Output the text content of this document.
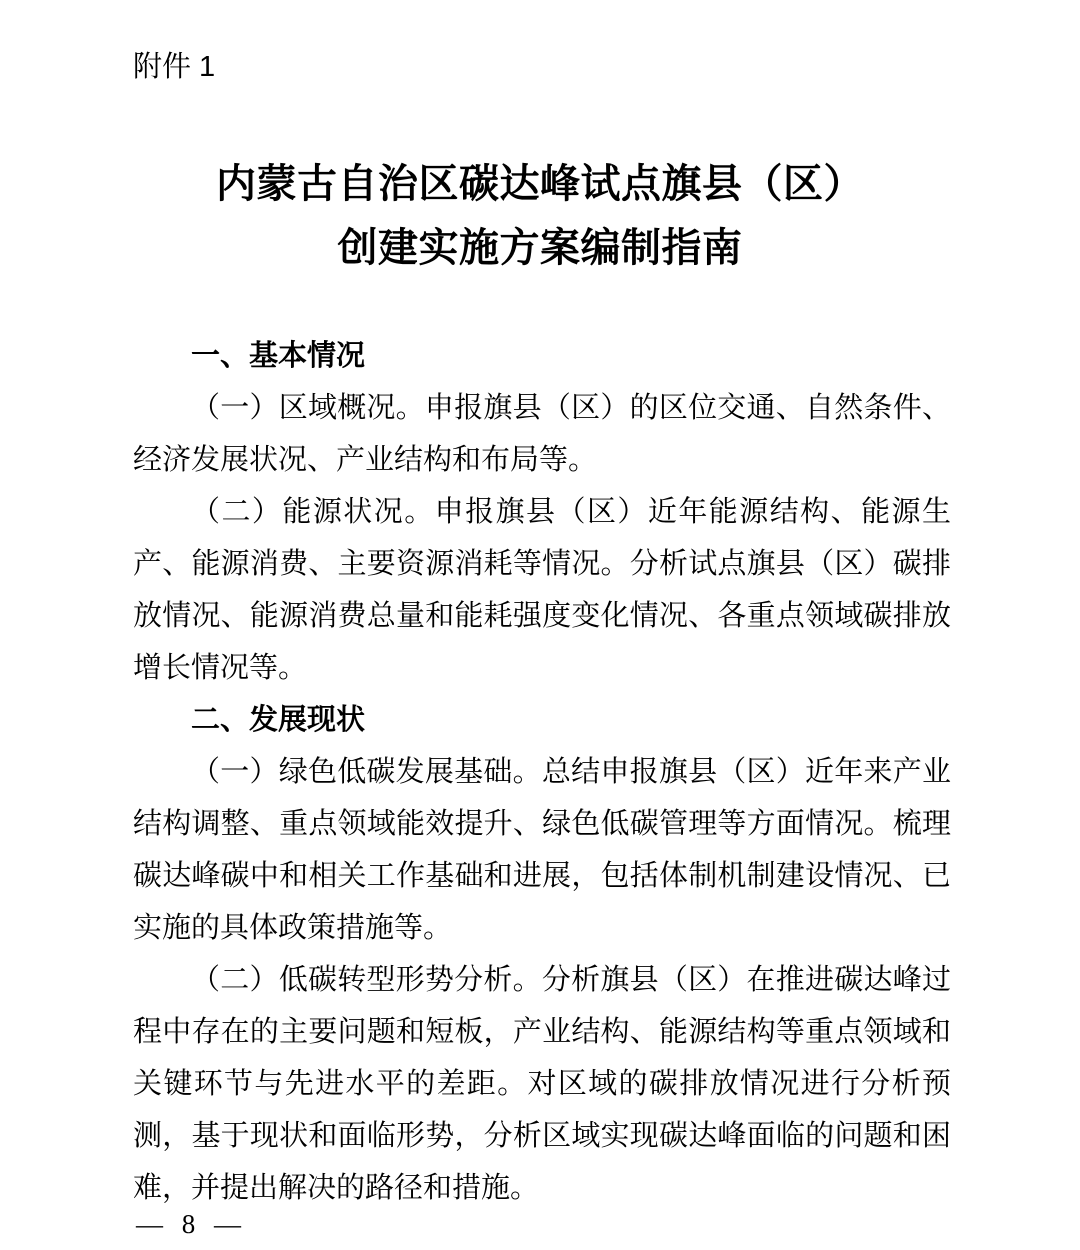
附件 1
内蒙古自治区碳达峰试点旗县（区）
创建实施方案编制指南

一、基本情况

（一）区域概况。申报旗县（区）的区位交通、自然条件、经济发展状况、产业结构和布局等。

（二）能源状况。申报旗县（区）近年能源结构、能源生产、能源消费、主要资源消耗等情况。分析试点旗县（区）碳排放情况、能源消费总量和能耗强度变化情况、各重点领域碳排放增长情况等。

二、发展现状

（一）绿色低碳发展基础。总结申报旗县（区）近年来产业结构调整、重点领域能效提升、绿色低碳管理等方面情况。梳理碳达峰碳中和相关工作基础和进展，包括体制机制建设情况、已实施的具体政策措施等。

（二）低碳转型形势分析。分析旗县（区）在推进碳达峰过程中存在的主要问题和短板，产业结构、能源结构等重点领域和关键环节与先进水平的差距。对区域的碳排放情况进行分析预测，基于现状和面临形势，分析区域实现碳达峰面临的问题和困难，并提出解决的路径和措施。

— 8 —
